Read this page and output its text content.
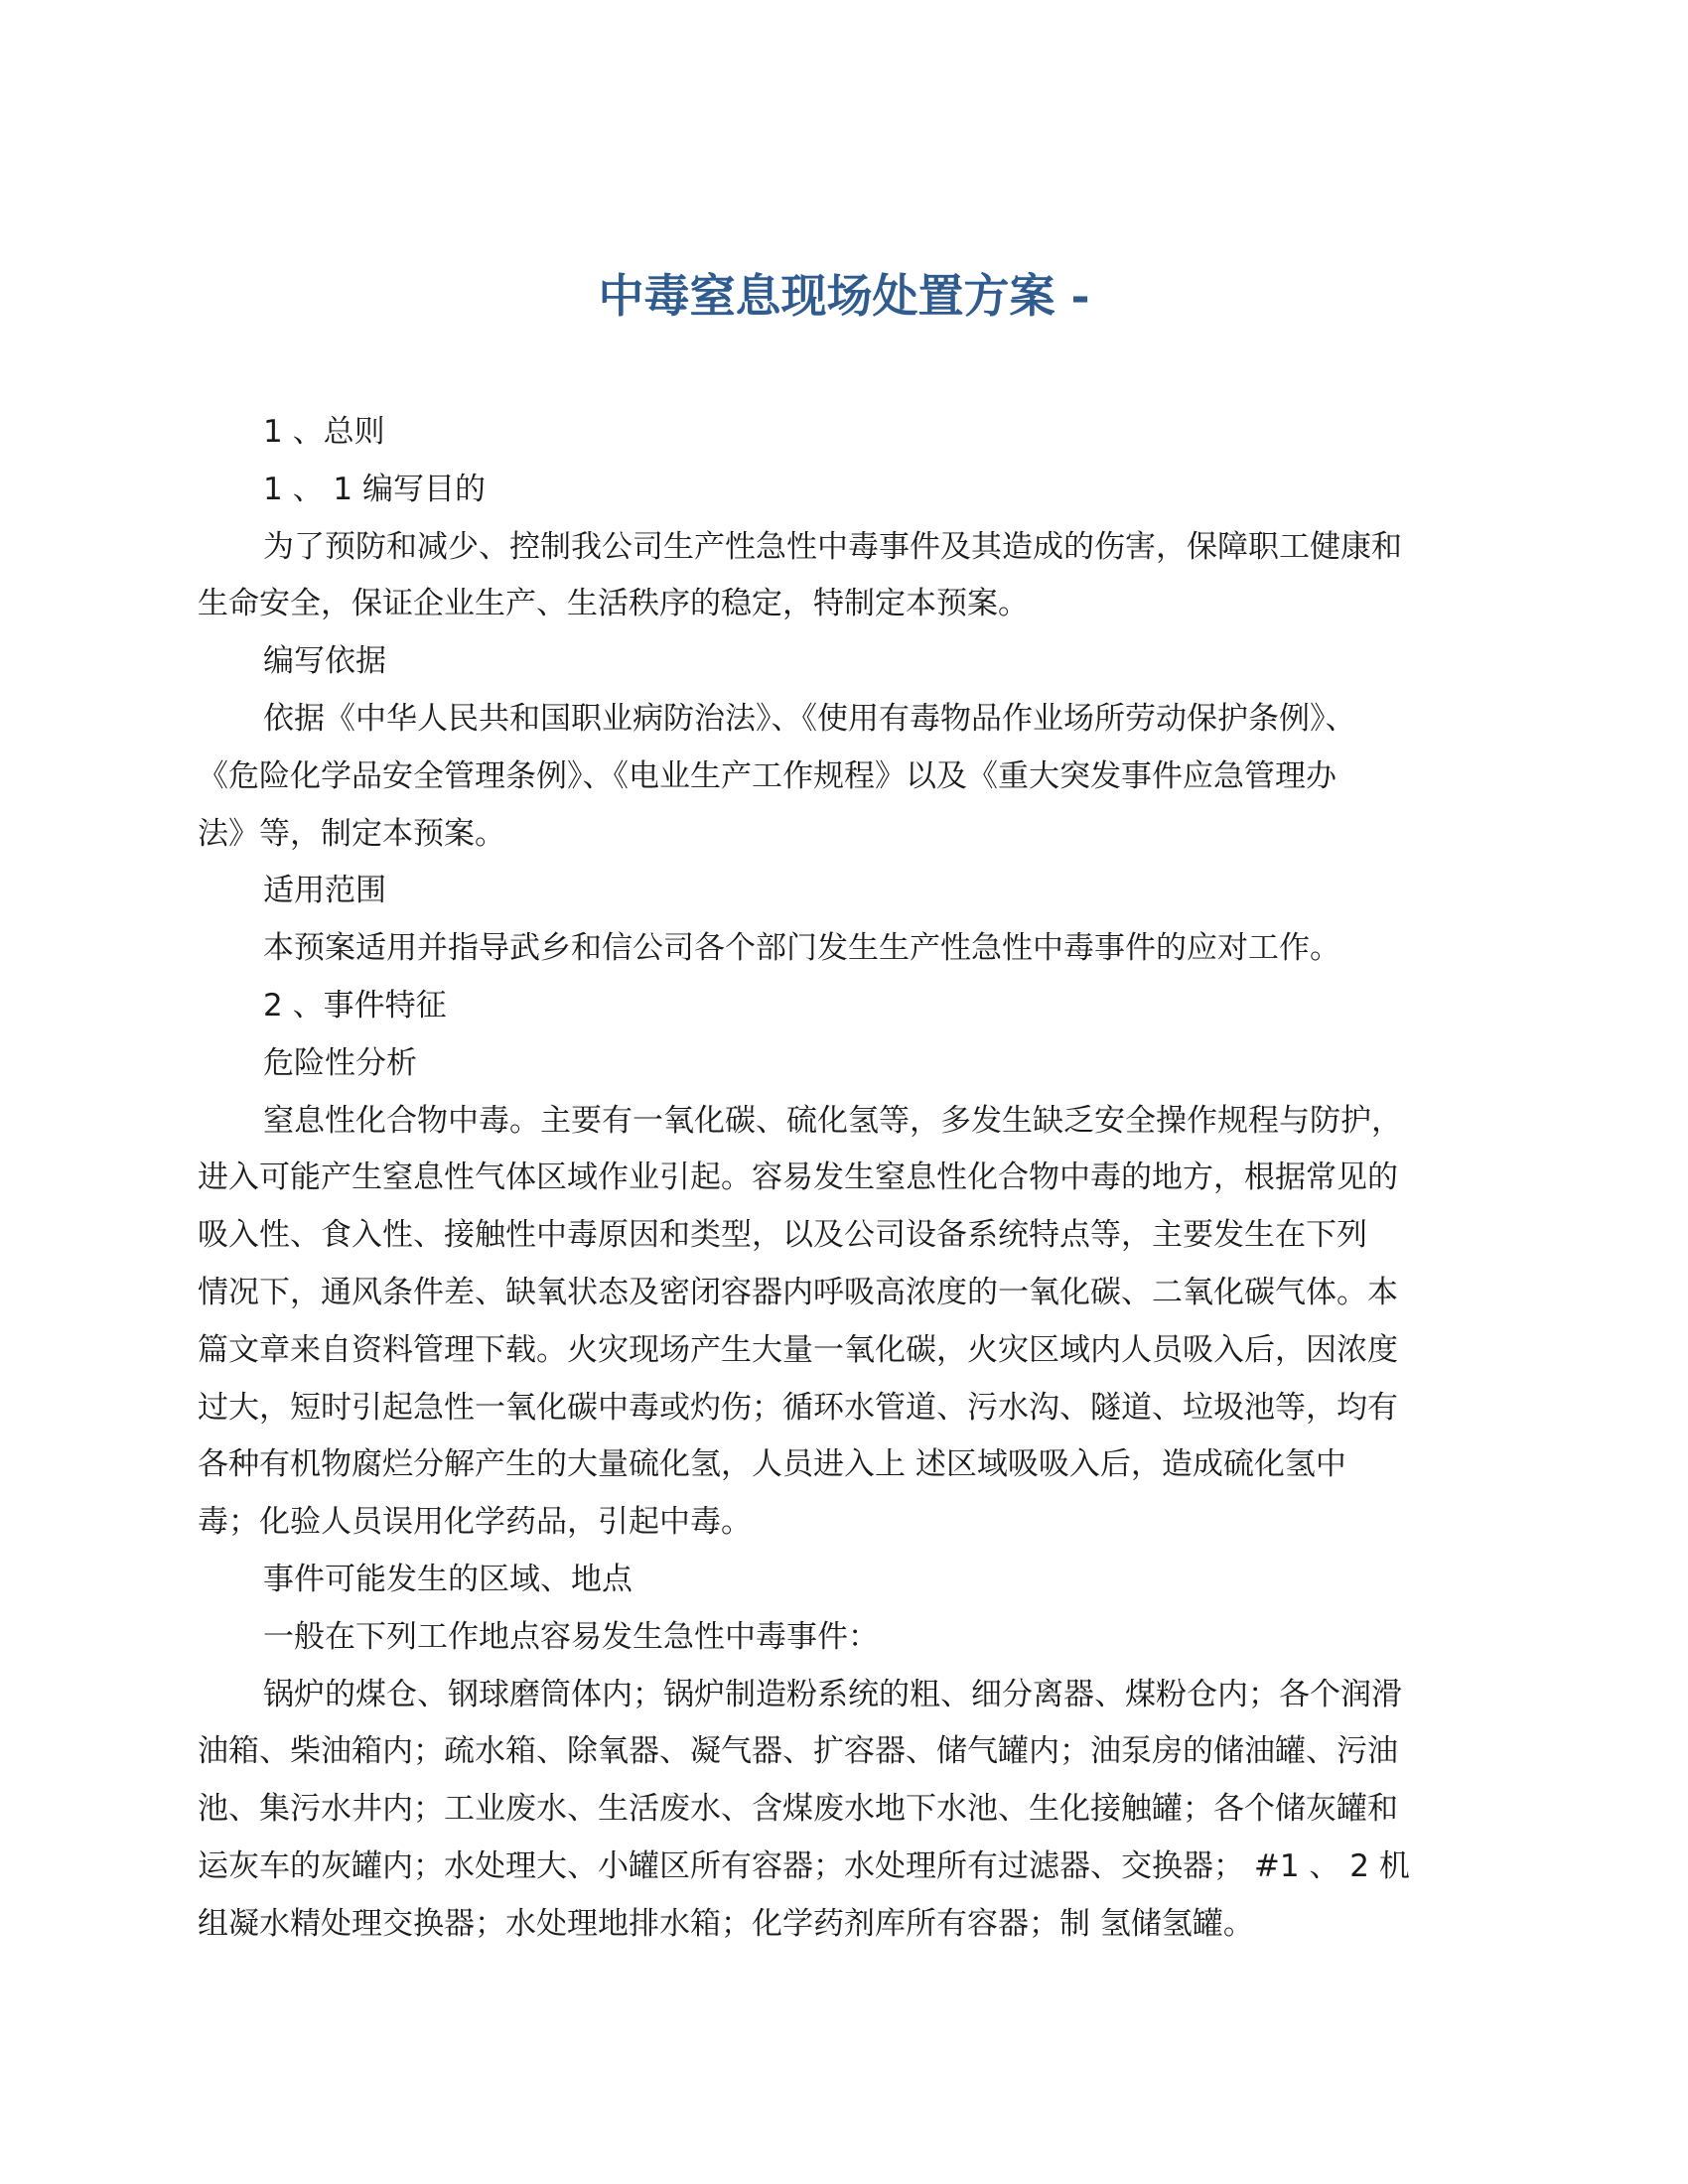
中毒窒息现场处置方案 -
1 、总则
1 、 1 编写目的
为了预防和减少、控制我公司生产性急性中毒事件及其造成的伤害，保障职工健康和
生命安全，保证企业生产、生活秩序的稳定，特制定本预案。
编写依据
依据《中华人民共和国职业病防治法》、《使用有毒物品作业场所劳动保护条例》、
《危险化学品安全管理条例》、《电业生产工作规程》以及《重大突发事件应急管理办
法》等，制定本预案。
适用范围
本预案适用并指导武乡和信公司各个部门发生生产性急性中毒事件的应对工作。
2 、事件特征
危险性分析
窒息性化合物中毒。主要有一氧化碳、硫化氢等，多发生缺乏安全操作规程与防护，
进入可能产生窒息性气体区域作业引起。容易发生窒息性化合物中毒的地方，根据常见的
吸入性、食入性、接触性中毒原因和类型，以及公司设备系统特点等，主要发生在下列
情况下，通风条件差、缺氧状态及密闭容器内呼吸高浓度的一氧化碳、二氧化碳气体。本
篇文章来自资料管理下载。火灾现场产生大量一氧化碳，火灾区域内人员吸入后，因浓度
过大，短时引起急性一氧化碳中毒或灼伤；循环水管道、污水沟、隧道、垃圾池等，均有
各种有机物腐烂分解产生的大量硫化氢，人员进入上 述区域吸吸入后，造成硫化氢中
毒；化验人员误用化学药品，引起中毒。
事件可能发生的区域、地点
一般在下列工作地点容易发生急性中毒事件：
锅炉的煤仓、钢球磨筒体内；锅炉制造粉系统的粗、细分离器、煤粉仓内；各个润滑
油箱、柴油箱内；疏水箱、除氧器、凝气器、扩容器、储气罐内；油泵房的储油罐、污油
池、集污水井内；工业废水、生活废水、含煤废水地下水池、生化接触罐；各个储灰罐和
运灰车的灰罐内；水处理大、小罐区所有容器；水处理所有过滤器、交换器； #1 、 2 机
组凝水精处理交换器；水处理地排水箱；化学药剂库所有容器；制 氢储氢罐。
